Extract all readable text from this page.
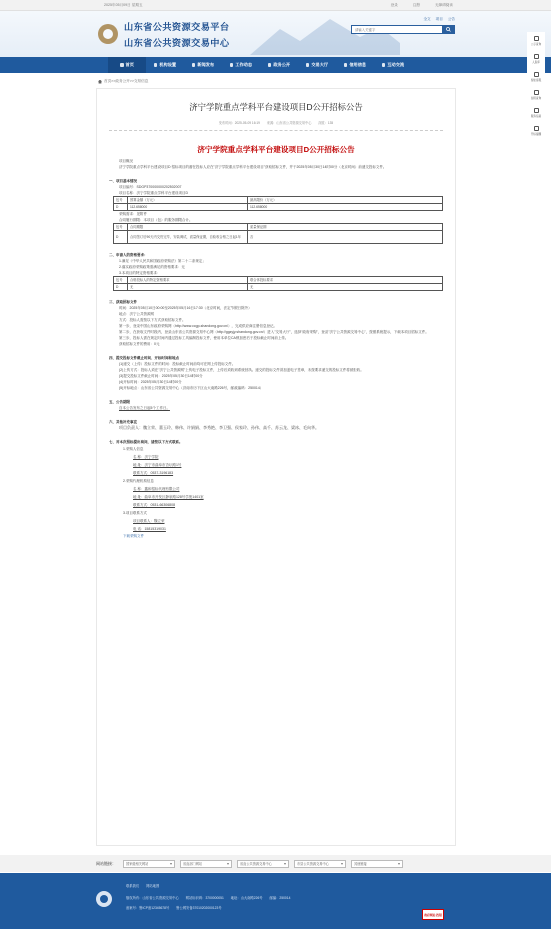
2025年05月09日 星期五	登录	注册	无障碍阅读
山东省公共资源交易平台
山东省公共资源交易中心
全文 项目 公告
请输入关键字
首页	机构设置	新闻发布	工作动态	政务公开	交易大厅	信用信息	互动交流
首页>>政务公开>>交易信息
济宁学院重点学科平台建设项目D公开招标公告
发布时间：2025-05-09 16:19 来源：山东省公共资源交易中心 浏览：135
济宁学院重点学科平台建设项目D公开招标公告

项目概况

济宁学院重点学科平台建设项目D 招标项目的潜在投标人应在"济宁学院重点学科平台建设项目"获取招标文件，并于2025年05月30日14时00分（北京时间）前递交投标文件。

一、项目基本情况

项目编号：SDGP370000000202502007

项目名称：济宁学院重点学科平台建设项目D

包号	预算金额（万元）	最高限价（万元）
D	112.658000	112.658000

采购需求：见附件

合同履行期限：本项目（包）的服务期限合计。

包号	合同期限	质量保证期
D	合同签订后90天内交货完毕，安装调试，质量保证期，自验收合格之日起1年	否

二、申请人的资格要求：

1.满足《中华人民共和国政府采购法》第二十二条规定；

2.落实政府采购政策需满足的资格要求：无

3.本项目的特定资格要求：

包号	合格投标人的特定资格要求	联合体投标要求
D	无	无

三、获取招标文件

时间：2025年05月10日00:00至2025年05月16日17:30（北京时间，法定节假日除外）

地点：济宁公共资源网

方式：投标人需按以下方式获取招标文件。

第一步，登录中国山东政府采购网（http://www.ccgp-shandong.gov.cn/），完成供应商注册信息登记。

第二步，在获取文件时段内，登录山东省公共资源交易中心网（http://ggzyjy.shandong.gov.cn/）进入"交易大厅"，选择"政府采购"，登录"济宁公共资源交易中心"，按照系统提示，下载本项目招标文件。

第三步，投标人需在规定时间内通过投标工具编制投标文件，使用本单位CA锁加密后于投标截止时间前上传。

获取招标文件的费用：0元

四、提交投标文件截止时间、开标时间和地点

(1)递交（上传）投标文件的时间：投标截止时间前均可在网上传投标文件。

(2)上传方式：投标人须在"济宁公共资源网"上传电子投标文件，上传后须收到系统回执。递交的投标文件须加盖电子签章，未按要求递交的投标文件将被拒收。

(3)提交投标文件截止时间：2025年05月30日14时00分

(4)开标时间：2025年05月30日14时00分

(5)开标地点：山东省公共资源交易中心（济南市历下区山大南路226号，邮政编码：250014）

五、公告期限

自本公告发布之日起5个工作日。

六、其他补充事宜

项目负责人：魏立荣、董玉玲、韩伟、许娟娟、李秀艳、李卫强、侯家玲、孙伟、高千、苏云龙、梁冰、毛向华。

七、对本次招标提出询问，请按以下方式联系。

1.采购人信息

名 称：济宁学院

地 址：济宁市曲阜市杏坛路1号

联系方式：0537-3196183

2.采购代理机构信息

名 称：鑫和招标代理有限公司

地 址：曲阜市开发区静泉路128号学苑1401室

联系方式：0531-66306808

3.项目联系方式

项目联系人：魏立荣

电 话：15815319031

下载采购文件
公示查询
人脸库
智能客服
信用查询
服务指南
开标提醒
网站链接：	国家级相关网站	省直部门网站	省直公共资源交易中心	市县公共资源交易中心	其他链接
联系我们 网站地图
版权所有：山东省公共资源交易中心 网站标识码：3700000051 地址：山大南路226号 邮编：250014
备案号：鲁ICP备12345678号 鲁公网安备37010202000123号
政府网站 找错
